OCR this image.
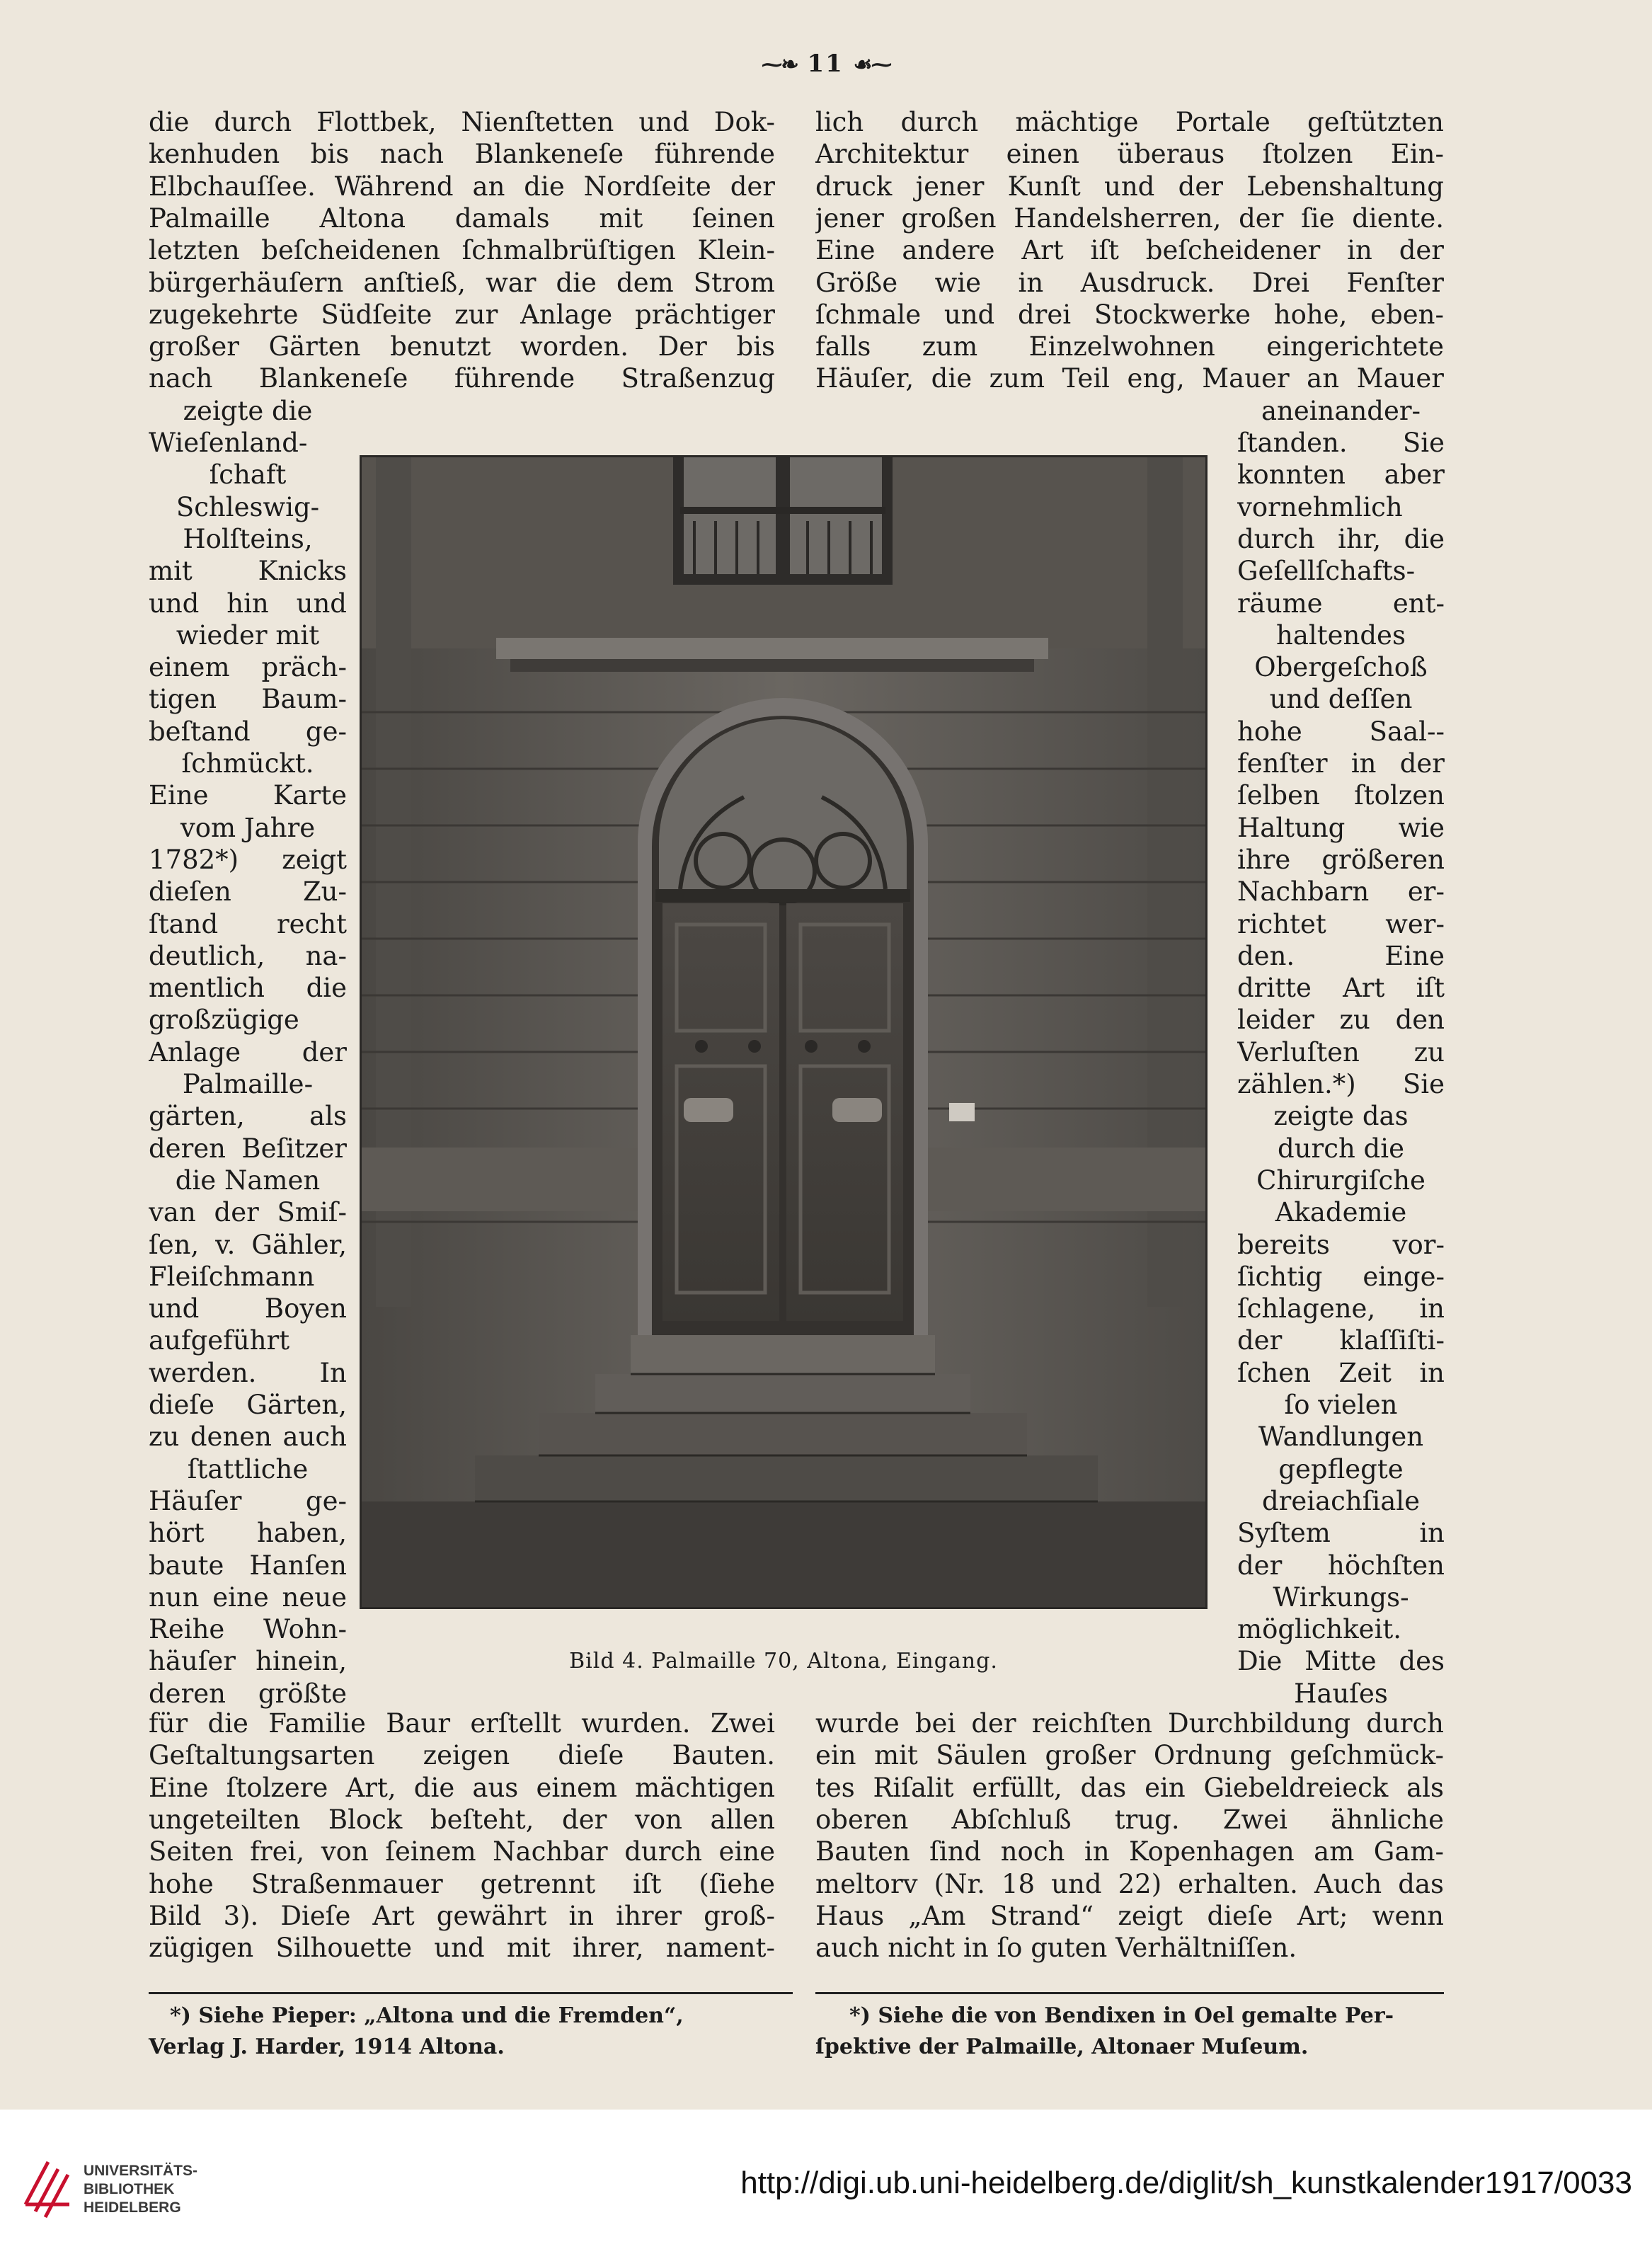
⁓❧ 11 ☙⁓
die durch Flottbek, Nienſtetten und Dok- lich durch mächtige Portale geſtützten
kenhuden bis nach Blankeneſe führende Architektur einen überaus ſtolzen Ein-
Elbchauſſee. Während an die Nordſeite der druck jener Kunſt und der Lebenshaltung
Palmaille Altona damals mit ſeinen jener großen Handelsherren, der ſie diente.
letzten beſcheidenen ſchmalbrüſtigen Klein- Eine andere Art iſt beſcheidener in der
bürgerhäuſern anſtieß, war die dem Strom Größe wie in Ausdruck. Drei Fenſter
zugekehrte Südſeite zur Anlage prächtiger ſchmale und drei Stockwerke hohe, eben-
großer Gärten benutzt worden. Der bis falls zum Einzelwohnen eingerichtete
nach Blankeneſe führende Straßenzug Häuſer, die zum Teil eng, Mauer an Mauer
zeigte die
Wieſenland-
ſchaft
Schleswig-
Holſteins,
mit Knicks
und hin und
wieder mit
einem präch-
tigen Baum-
beſtand ge-
ſchmückt.
Eine Karte
vom Jahre
1782*) zeigt
dieſen Zu-
ſtand recht
deutlich, na-
mentlich die
großzügige
Anlage der
Palmaille-
gärten, als
deren Beſitzer
die Namen
van der Smiſ-
ſen, v. Gähler,
Fleiſchmann
und Boyen
aufgeführt
werden. In
dieſe Gärten,
zu denen auch
ſtattliche
Häuſer ge-
hört haben,
baute Hanſen
nun eine neue
Reihe Wohn-
häuſer hinein,
deren größte
aneinander-
ſtanden. Sie
konnten aber
vornehmlich
durch ihr, die
Geſellſchafts-
räume ent-
haltendes
Obergeſchoß
und deſſen
hohe Saal--
fenſter in der
ſelben ſtolzen
Haltung wie
ihre größeren
Nachbarn er-
richtet wer-
den. Eine
dritte Art iſt
leider zu den
Verluſten zu
zählen.*) Sie
zeigte das
durch die
Chirurgiſche
Akademie
bereits vor-
ſichtig einge-
ſchlagene, in
der klaſſiſti-
ſchen Zeit in
ſo vielen
Wandlungen
gepflegte
dreiachſiale
Syſtem in
der höchſten
Wirkungs-
möglichkeit.
Die Mitte des
Hauſes
Bild 4. Palmaille 70, Altona, Eingang.
für die Familie Baur erſtellt wurden. Zwei wurde bei der reichſten Durchbildung durch
Geſtaltungsarten zeigen dieſe Bauten. ein mit Säulen großer Ordnung geſchmück-
Eine ſtolzere Art, die aus einem mächtigen tes Riſalit erfüllt, das ein Giebeldreieck als
ungeteilten Block beſteht, der von allen oberen Abſchluß trug. Zwei ähnliche
Seiten frei, von ſeinem Nachbar durch eine Bauten ſind noch in Kopenhagen am Gam-
hohe Straßenmauer getrennt iſt (ſiehe meltorv (Nr. 18 und 22) erhalten. Auch das
Bild 3). Dieſe Art gewährt in ihrer groß- Haus „Am Strand“ zeigt dieſe Art; wenn
zügigen Silhouette und mit ihrer, nament- auch nicht in ſo guten Verhältniſſen.
*) Siehe Pieper: „Altona und die Fremden“,
Verlag J. Harder, 1914 Altona.
*) Siehe die von Bendixen in Oel gemalte Per-
ſpektive der Palmaille, Altonaer Muſeum.
UNIVERSITÄTS-
BIBLIOTHEK
HEIDELBERG
http://digi.ub.uni-heidelberg.de/diglit/sh_kunstkalender1917/0033
